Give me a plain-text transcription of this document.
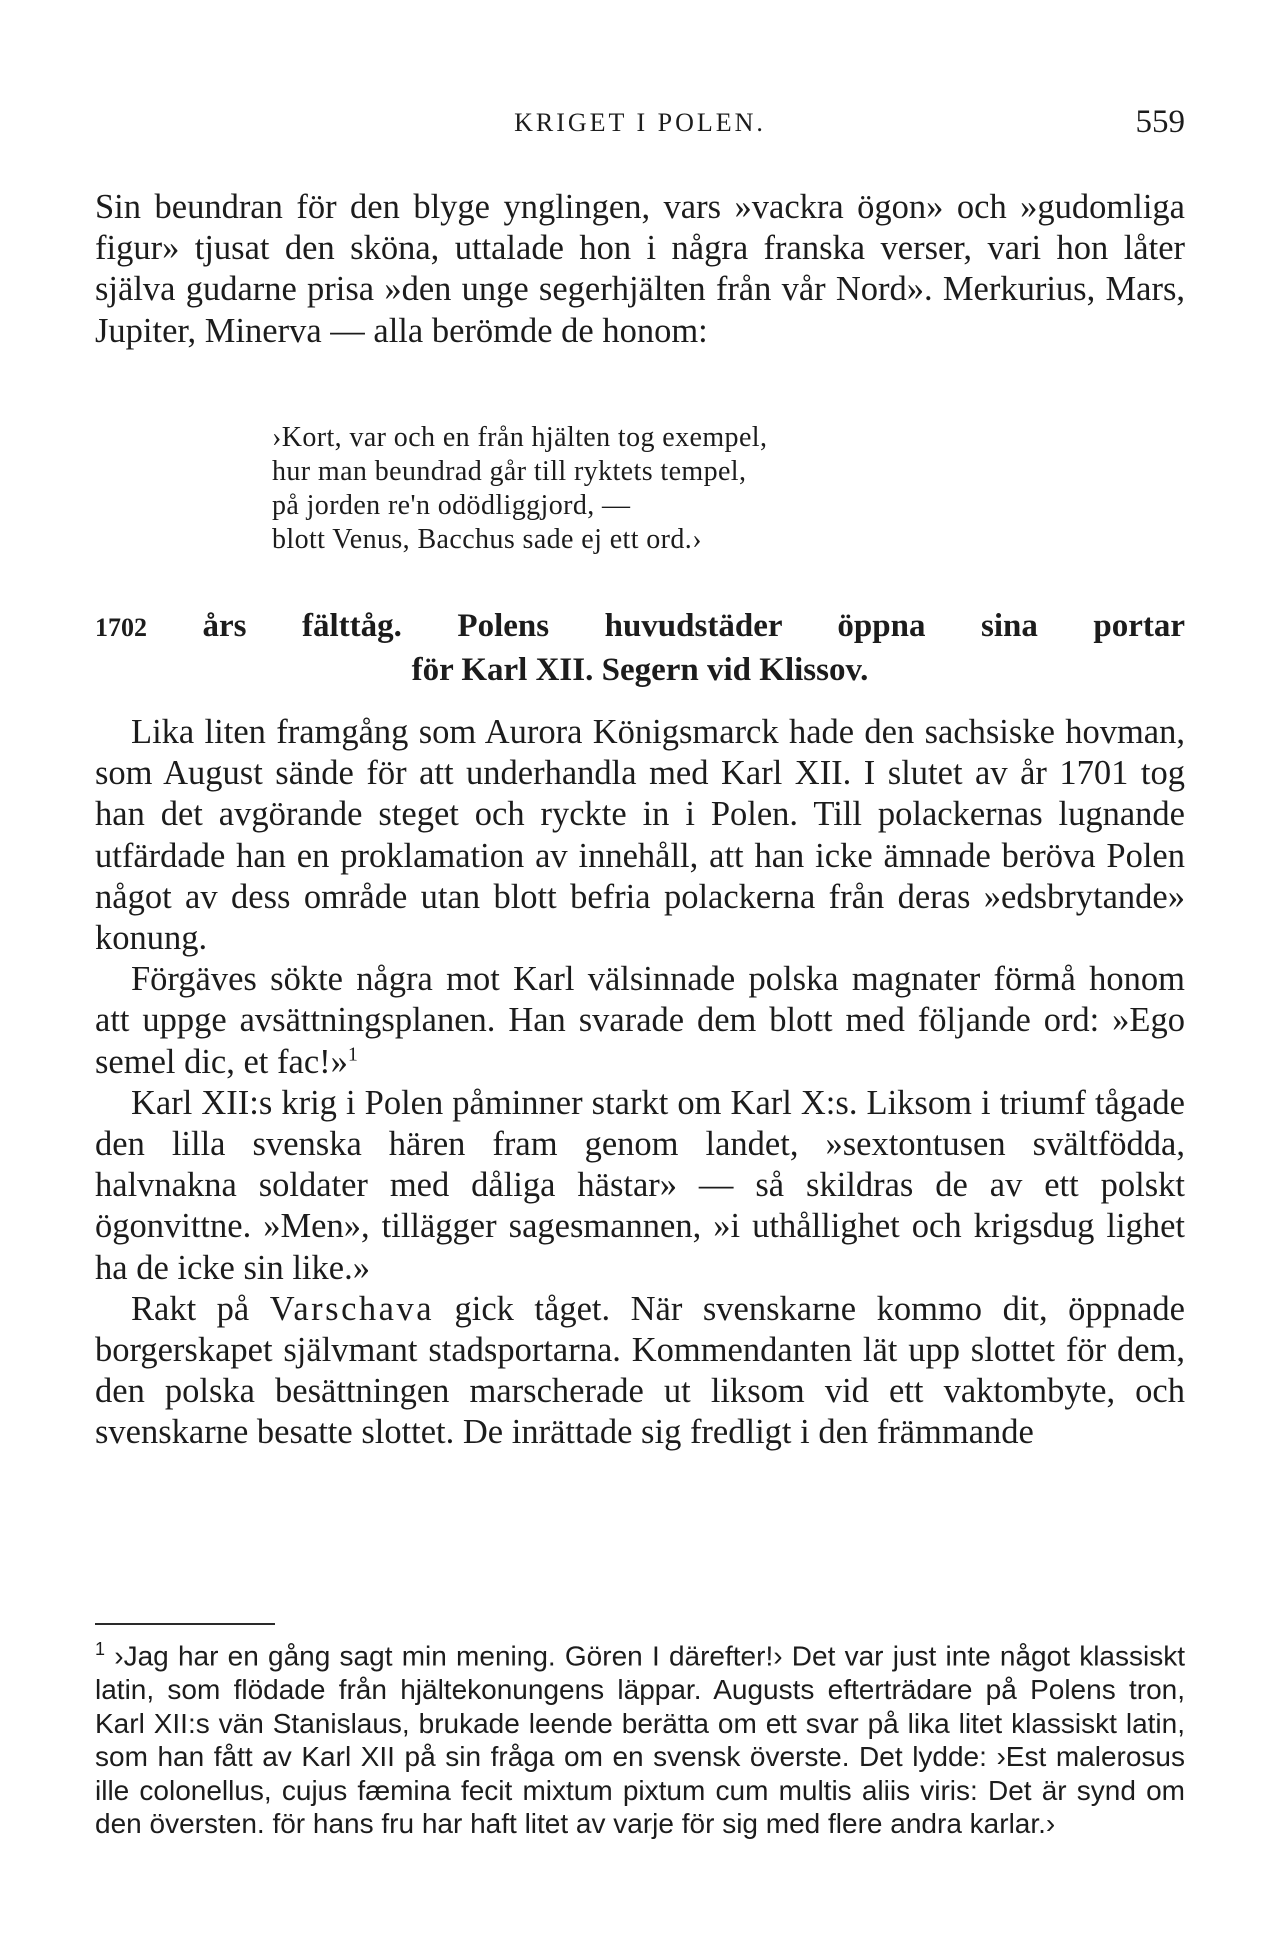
KRIGET I POLEN.	559

Sin beundran för den blyge ynglingen, vars »vackra ögon» och »gudomliga figur» tjusat den sköna, uttalade hon i några franska verser, vari hon låter själva gudarne prisa »den unge segerhjälten från vår Nord». Merkurius, Mars, Jupiter, Minerva — alla berömde de honom:

›Kort, var och en från hjälten tog exempel,
hur man beundrad går till ryktets tempel,
på jorden re'n odödliggjord, —
blott Venus, Bacchus sade ej ett ord.›
1702 års fälttåg. Polens huvudstäder öppna sina portar
för Karl XII. Segern vid Klissov.

Lika liten framgång som Aurora Königsmarck hade den sachsiske hovman, som August sände för att underhandla med Karl XII. I slutet av år 1701 tog han det avgörande steget och ryckte in i Polen. Till polackernas lugnande utfärdade han en proklamation av innehåll, att han icke ämnade beröva Polen något av dess område utan blott befria polackerna från deras »edsbrytande» konung.

Förgäves sökte några mot Karl välsinnade polska magnater förmå honom att uppge avsättningsplanen. Han svarade dem blott med följande ord: »Ego semel dic, et fac!»$^1$

Karl XII:s krig i Polen påminner starkt om Karl X:s. Liksom i triumf tågade den lilla svenska hären fram genom landet, »sextontusen svältfödda, halvnakna soldater med dåliga hästar» — så skildras de av ett polskt ögonvittne. »Men», tillägger sagesmannen, »i uthållighet och krigsdug lighet ha de icke sin like.»

Rakt på Varschava gick tåget. När svenskarne kommo dit, öppnade borgerskapet självmant stadsportarna. Kommendanten lät upp slottet för dem, den polska besättningen marscherade ut liksom vid ett vaktombyte, och svenskarne besatte slottet. De inrättade sig fredligt i den främmande

$^1$ ›Jag har en gång sagt min mening. Gören I därefter!› Det var just inte något klassiskt latin, som flödade från hjältekonungens läppar. Augusts efterträdare på Polens tron, Karl XII:s vän Stanislaus, brukade leende berätta om ett svar på lika litet klassiskt latin, som han fått av Karl XII på sin fråga om en svensk överste. Det lydde: ›Est malerosus ille colonellus, cujus fæmina fecit mixtum pixtum cum multis aliis viris: Det är synd om den översten. för hans fru har haft litet av varje för sig med flere andra karlar.›
